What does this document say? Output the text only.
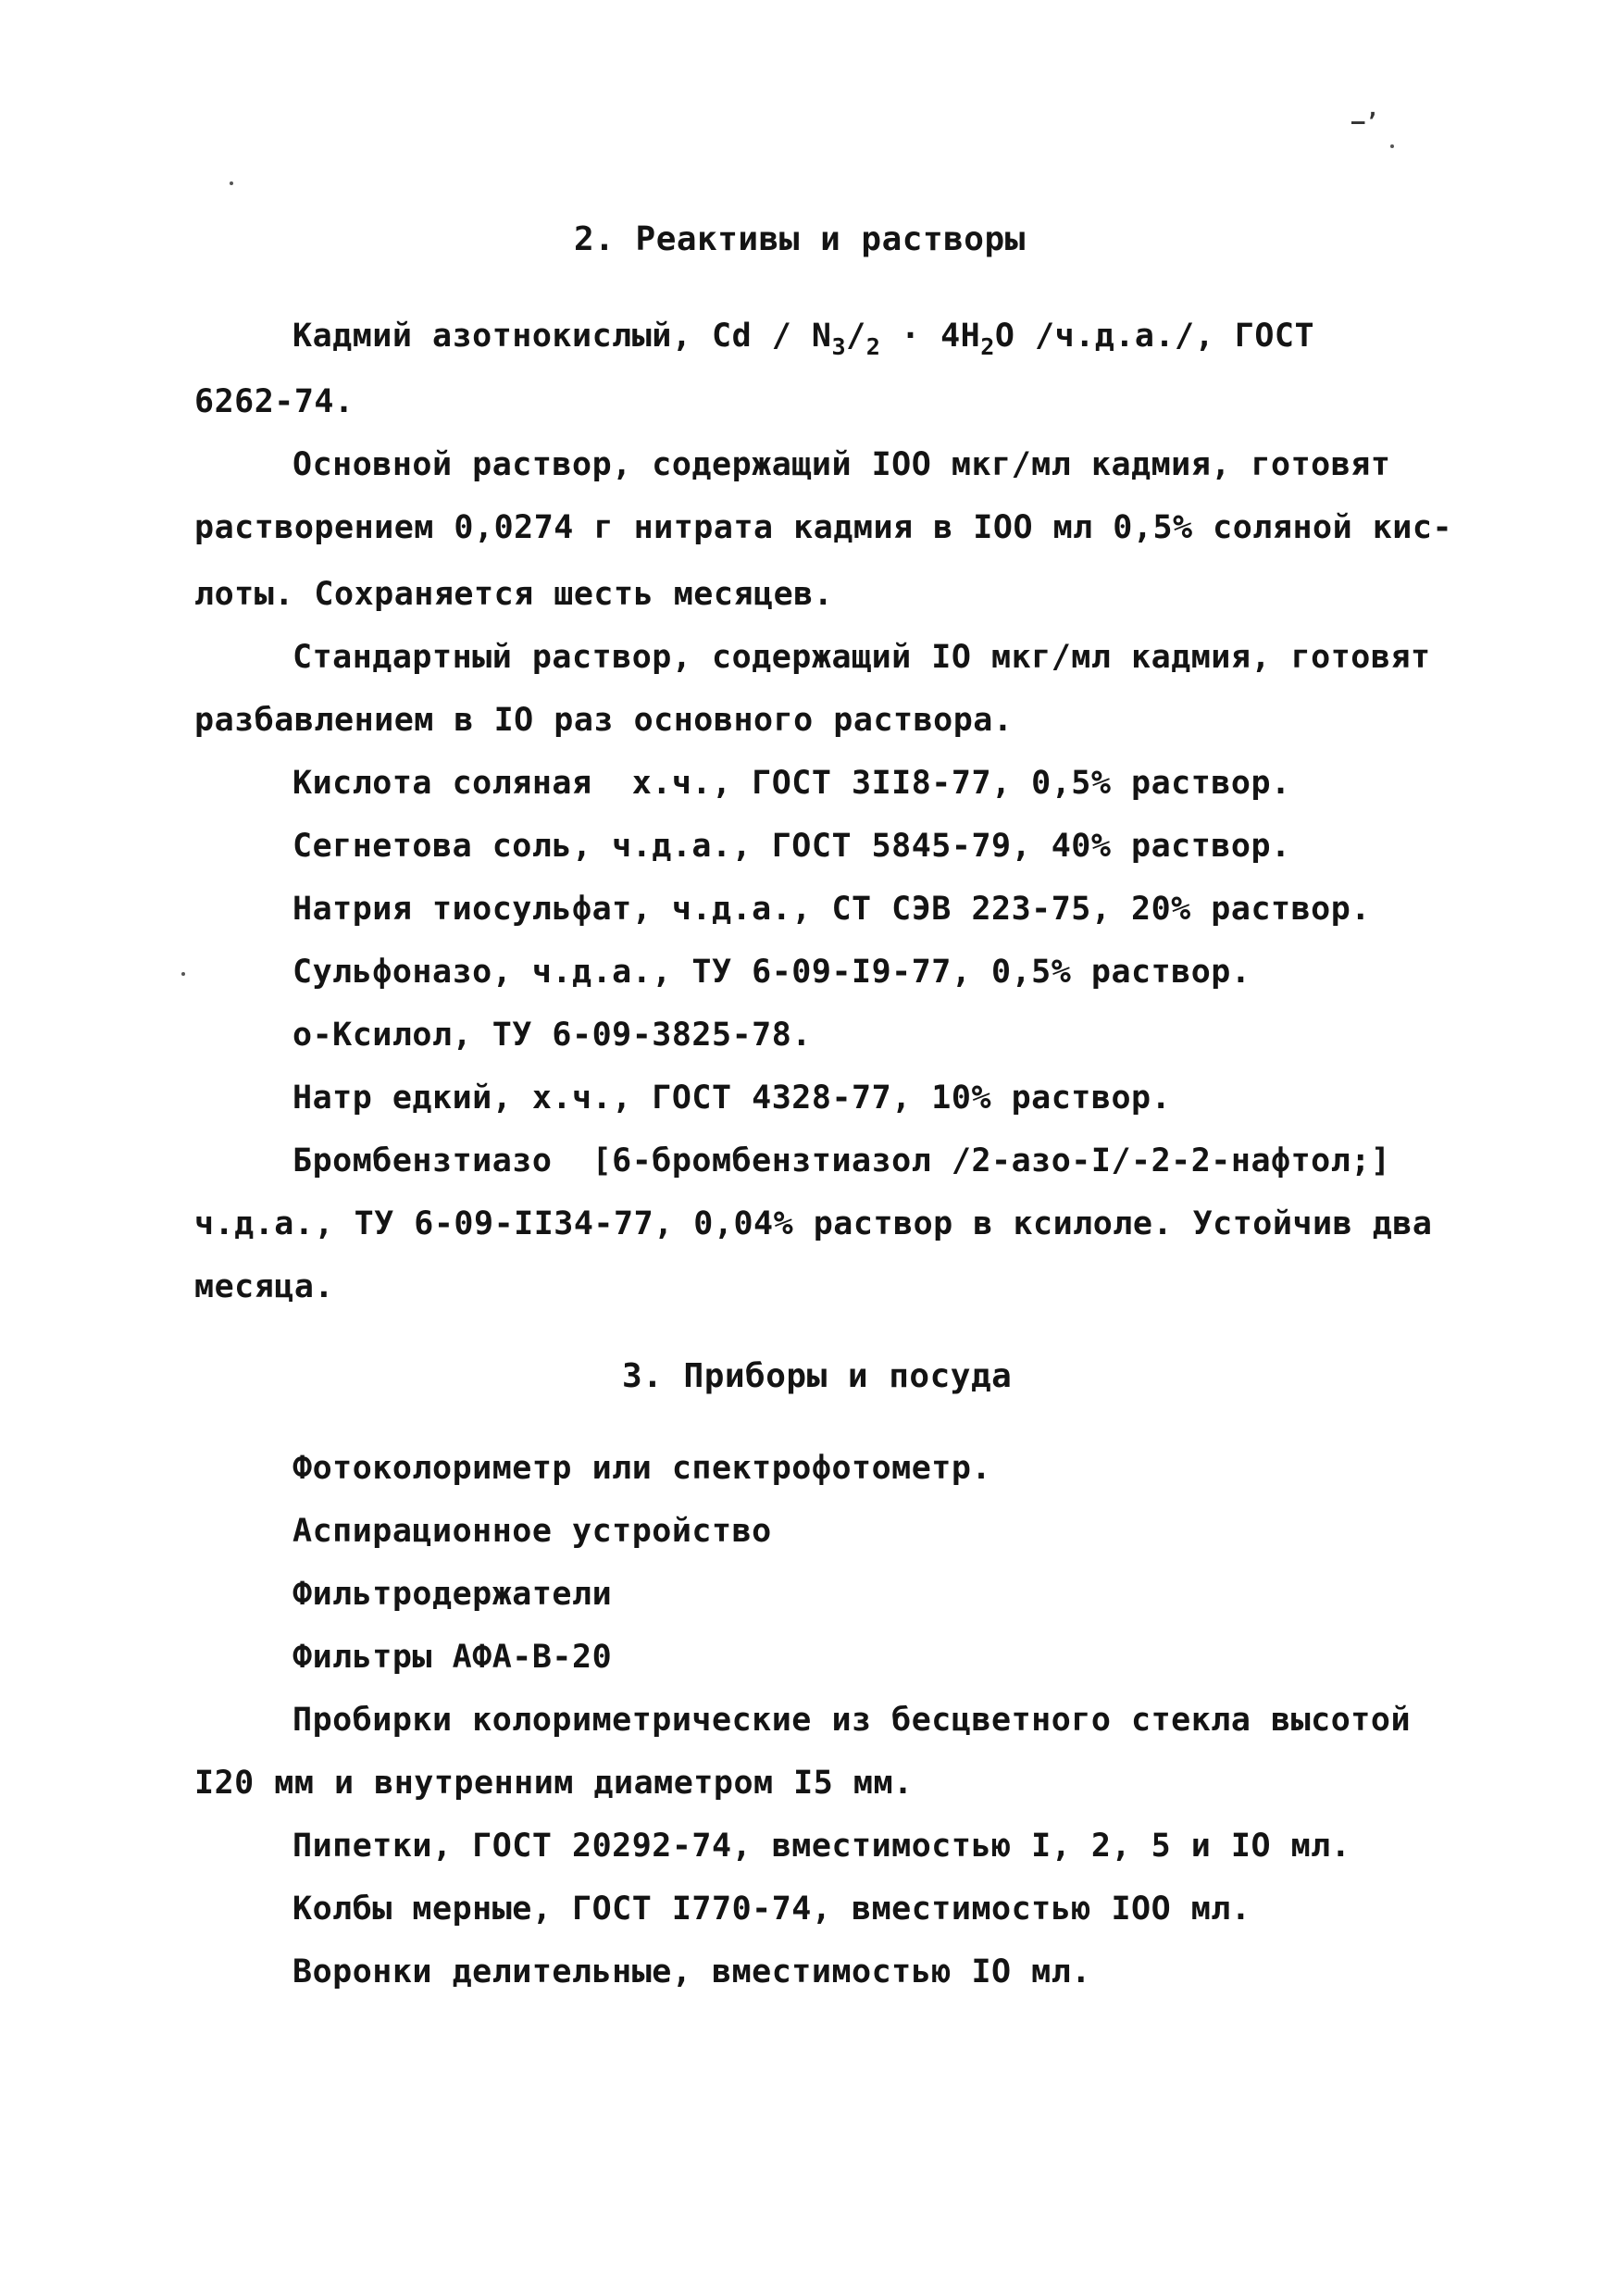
—ʼ
2. Реактивы и растворы
Кадмий азотнокислый, $Cd / N_3/_2 \cdot 4H_2O$ /ч.д.а./, ГОСТ
6262-74.
Основной раствор, содержащий IOO мкг/мл кадмия, готовят
растворением 0,0274 г нитрата кадмия в IOO мл 0,5% соляной кис-
лоты. Сохраняется шесть месяцев.
Стандартный раствор, содержащий IO мкг/мл кадмия, готовят
разбавлением в IO раз основного раствора.
Кислота соляная  х.ч., ГОСТ 3II8-77, 0,5% раствор.
Сегнетова соль, ч.д.а., ГОСТ 5845-79, 40% раствор.
Натрия тиосульфат, ч.д.а., СТ СЭВ 223-75, 20% раствор.
Сульфоназо, ч.д.а., ТУ 6-09-I9-77, 0,5% раствор.
о-Ксилол, ТУ 6-09-3825-78.
Натр едкий, х.ч., ГОСТ 4328-77, 10% раствор.
Бромбензтиазо  [6-бромбензтиазол /2-азо-I/-2-2-нафтол;]
ч.д.а., ТУ 6-09-II34-77, 0,04% раствор в ксилоле. Устойчив два
месяца.
3. Приборы и посуда
Фотоколориметр или спектрофотометр.
Аспирационное устройство
Фильтродержатели
Фильтры АФА-В-20
Пробирки колориметрические из бесцветного стекла высотой
I20 мм и внутренним диаметром I5 мм.
Пипетки, ГОСТ 20292-74, вместимостью I, 2, 5 и IO мл.
Колбы мерные, ГОСТ I770-74, вместимостью IOO мл.
Воронки делительные, вместимостью IO мл.
